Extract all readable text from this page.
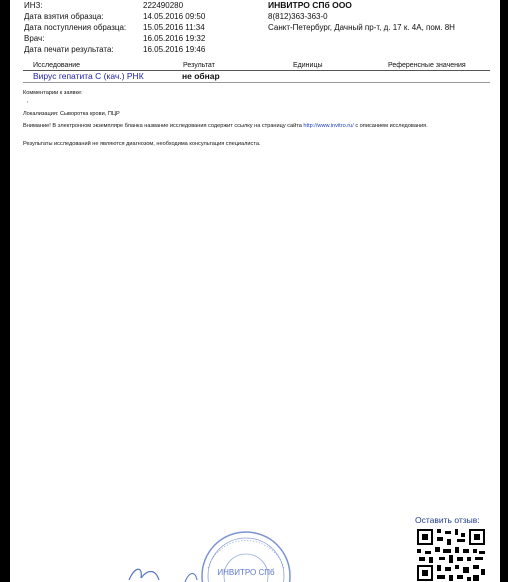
ИНЗ:	222490280
Дата взятия образца:	14.05.2016 09:50
Дата поступления образца:	15.05.2016 11:34
Врач:	16.05.2016 19:32
Дата печати результата:	16.05.2016 19:46
ИНВИТРО СПб ООО
8(812)363-363-0
Санкт-Петербург, Дачный пр-т, д. 17 к. 4А, пом. 8Н
Исследование	Результат	Единицы	Референсные значения
Вирус гепатита С (кач.) РНК	не обнар
Комментарии к заявке:
,
Локализация: Сыворотка крови, ПЦР
Внимание! В электронном экземпляре бланка название исследования содержит ссылку на страницу сайта http://www.invitro.ru/ с описанием исследования.
Результаты исследований не являются диагнозом, необходима консультация специалиста.
Оставить отзыв:
ИНВИТРО СПб
